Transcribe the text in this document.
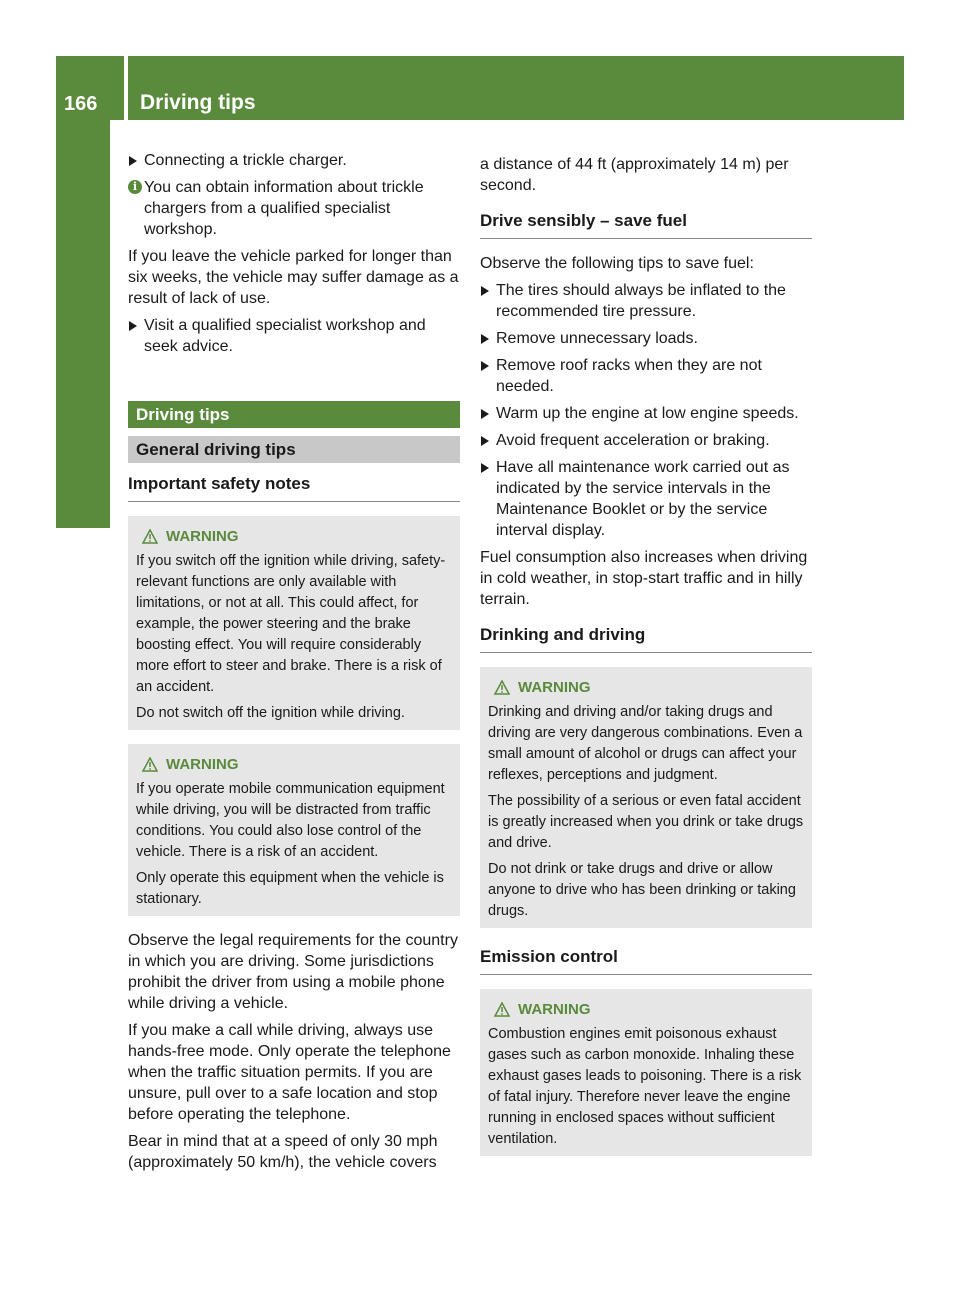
166	Driving tips
Driving and parking	Connecting a trickle charger.
i You can obtain information about trickle chargers from a qualified specialist workshop.

If you leave the vehicle parked for longer than six weeks, the vehicle may suffer damage as a result of lack of use.

Visit a qualified specialist workshop and seek advice.
Driving tips
General driving tips
Important safety notes
WARNING

If you switch off the ignition while driving, safety-relevant functions are only available with limitations, or not at all. This could affect, for example, the power steering and the brake boosting effect. You will require considerably more effort to steer and brake. There is a risk of an accident.

Do not switch off the ignition while driving.

WARNING

If you operate mobile communication equipment while driving, you will be distracted from traffic conditions. You could also lose control of the vehicle. There is a risk of an accident.

Only operate this equipment when the vehicle is stationary.

Observe the legal requirements for the country in which you are driving. Some jurisdictions prohibit the driver from using a mobile phone while driving a vehicle.

If you make a call while driving, always use hands-free mode. Only operate the telephone when the traffic situation permits. If you are unsure, pull over to a safe location and stop before operating the telephone.

Bear in mind that at a speed of only 30 mph (approximately 50 km/h), the vehicle covers

a distance of 44 ft (approximately 14 m) per second.

Drive sensibly – save fuel

Observe the following tips to save fuel:

The tires should always be inflated to the recommended tire pressure.
Remove unnecessary loads.
Remove roof racks when they are not needed.
Warm up the engine at low engine speeds.
Avoid frequent acceleration or braking.
Have all maintenance work carried out as indicated by the service intervals in the Maintenance Booklet or by the service interval display.

Fuel consumption also increases when driving in cold weather, in stop-start traffic and in hilly terrain.

Drinking and driving
WARNING

Drinking and driving and/or taking drugs and driving are very dangerous combinations. Even a small amount of alcohol or drugs can affect your reflexes, perceptions and judgment.

The possibility of a serious or even fatal accident is greatly increased when you drink or take drugs and drive.

Do not drink or take drugs and drive or allow anyone to drive who has been drinking or taking drugs.

Emission control
WARNING

Combustion engines emit poisonous exhaust gases such as carbon monoxide. Inhaling these exhaust gases leads to poisoning. There is a risk of fatal injury. Therefore never leave the engine running in enclosed spaces without sufficient ventilation.
